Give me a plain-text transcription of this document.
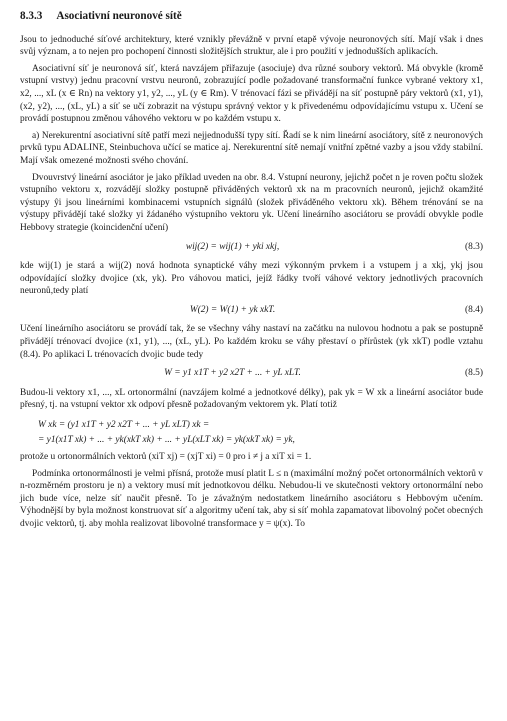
8.3.3 Asociativní neuronové sítě

Jsou to jednoduché síťové architektury, které vznikly převážně v první etapě vývoje neuronových sítí. Mají však i dnes svůj význam, a to nejen pro pochopení činnosti složitějších struktur, ale i pro použití v jednodušších aplikacích.

Asociativní síť je neuronová síť, která navzájem přiřazuje (asociuje) dva různé soubory vektorů. Má obvykle (kromě vstupní vrstvy) jednu pracovní vrstvu neuronů, zobrazující podle požadované transformační funkce vybrané vektory x1, x2, ..., xL (x ∈ Rn) na vektory y1, y2, ..., yL (y ∈ Rm). V trénovací fázi se přivádějí na síť postupně páry vektorů (x1, y1), (x2, y2), ..., (xL, yL) a síť se učí zobrazit na výstupu správný vektor y k přivedenému odpovídajícímu vstupu x. Učení se provádí postupnou změnou váhového vektoru w po každém vstupu x.

a) Nerekurentní asociativní sítě patří mezi nejjednodušší typy sítí. Řadí se k nim lineární asociátory, sítě z neuronových prvků typu ADALINE, Steinbuchova učící se matice aj. Nerekurentní sítě nemají vnitřní zpětné vazby a jsou vždy stabilní. Mají však omezené možnosti svého chování.

Dvouvrstvý lineární asociátor je jako příklad uveden na obr. 8.4. Vstupní neurony, jejichž počet n je roven počtu složek vstupního vektoru x, rozvádějí složky postupně přiváděných vektorů xk na m pracovních neuronů, jejichž okamžité výstupy ŷi jsou lineárními kombinacemi vstupních signálů (složek přiváděného vektoru xk). Během trénování se na výstupy přivádějí také složky yi žádaného výstupního vektoru yk. Učení lineárního asociátoru se provádí obvykle podle Hebbovy strategie (koincidenční učení)

wij(2) = wij(1) + yki xkj,	(8.3)

kde wij(1) je stará a wij(2) nová hodnota synaptické váhy mezi výkonným prvkem i a vstupem j a xkj, ykj jsou odpovídající složky dvojice (xk, yk). Pro váhovou matici, jejíž řádky tvoří váhové vektory jednotlivých pracovních neuronů,tedy platí

W(2) = W(1) + yk xkT.	(8.4)

Učení lineárního asociátoru se provádí tak, že se všechny váhy nastaví na začátku na nulovou hodnotu a pak se postupně přivádějí trénovací dvojice (x1, y1), ..., (xL, yL). Po každém kroku se váhy přestaví o přírůstek (yk xkT) podle vztahu (8.4). Po aplikaci L trénovacích dvojic bude tedy

W = y1 x1T + y2 x2T + ... + yL xLT.	(8.5)

Budou-li vektory x1, ..., xL ortonormální (navzájem kolmé a jednotkové délky), pak yk = W xk a lineární asociátor bude přesný, tj. na vstupní vektor xk odpoví přesně požadovaným vektorem yk. Platí totiž

W xk = (y1 x1T + y2 x2T + ... + yL xLT) xk =
= y1(x1T xk) + ... + yk(xkT xk) + ... + yL(xLT xk) = yk(xkT xk) = yk,

protože u ortonormálních vektorů (xiT xj) = (xjT xi) = 0 pro i ≠ j a xiT xi = 1.

Podmínka ortonormálnosti je velmi přísná, protože musí platit L ≤ n (maximální možný počet ortonormálních vektorů v n-rozměrném prostoru je n) a vektory musí mít jednotkovou délku. Nebudou-li ve skutečnosti vektory ortonormální nebo jich bude více, nelze síť naučit přesně. To je závažným nedostatkem lineárního asociátoru s Hebbovým učením. Výhodnější by byla možnost konstruovat síť a algoritmy učení tak, aby si síť mohla zapamatovat libovolný počet obecných dvojic vektorů, tj. aby mohla realizovat libovolné transformace y = ψ(x). To
